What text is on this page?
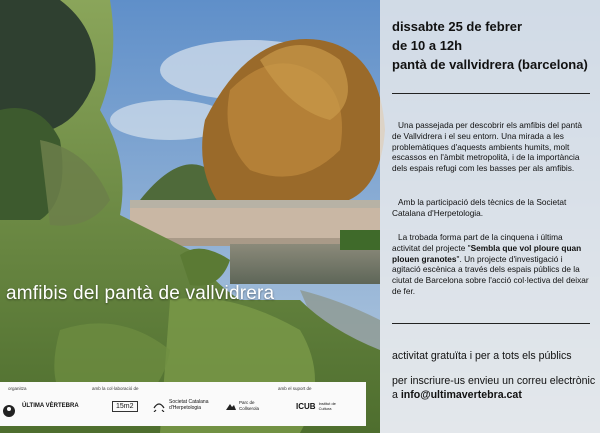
amfibis del pantà de vallvidrera
dissabte 25 de febrer
de 10 a 12h
pantà de vallvidrera (barcelona)
Una passejada per descobrir els amfibis del pantà de Vallvidrera i el seu entorn. Una mirada a les problemàtiques d'aquests ambients humits, molt escassos en l'àmbit metropolità, i de la importància dels espais refugi com les basses per als amfibis.
Amb la participació dels tècnics de la Societat Catalana d'Herpetologia.
La trobada forma part de la cinquena i última activitat del projecte "Sembla que vol ploure quan plouen granotes". Un projecte d'investigació i agitació escènica a través dels espais públics de la ciutat de Barcelona sobre l'acció col·lectiva del deixar de fer.
activitat gratuïta i per a tots els públics
per inscriure-us envieu un correu electrònic a info@ultimavertebra.cat
organitza	amb la col·laboració de	amb el suport de
ÚLTIMA VÈRTEBRA	15m2
Societat Catalana d'Herpetologia
Parc de Collserola	ICUB Institut de Cultura
